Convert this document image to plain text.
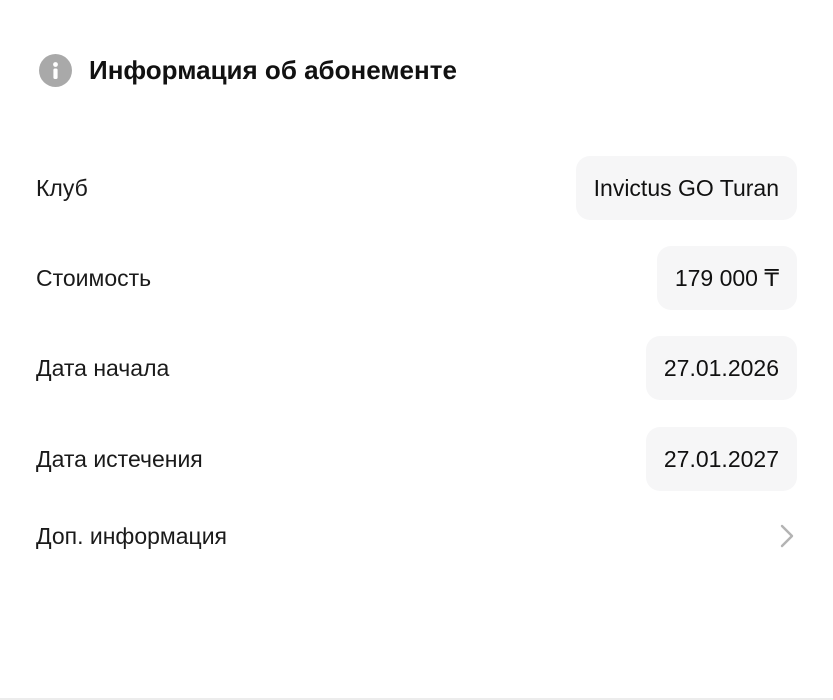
Информация об абонементе
Клуб	Invictus GO Turan
Стоимость	179 000 ₸
Дата начала	27.01.2026
Дата истечения	27.01.2027
Доп. информация
